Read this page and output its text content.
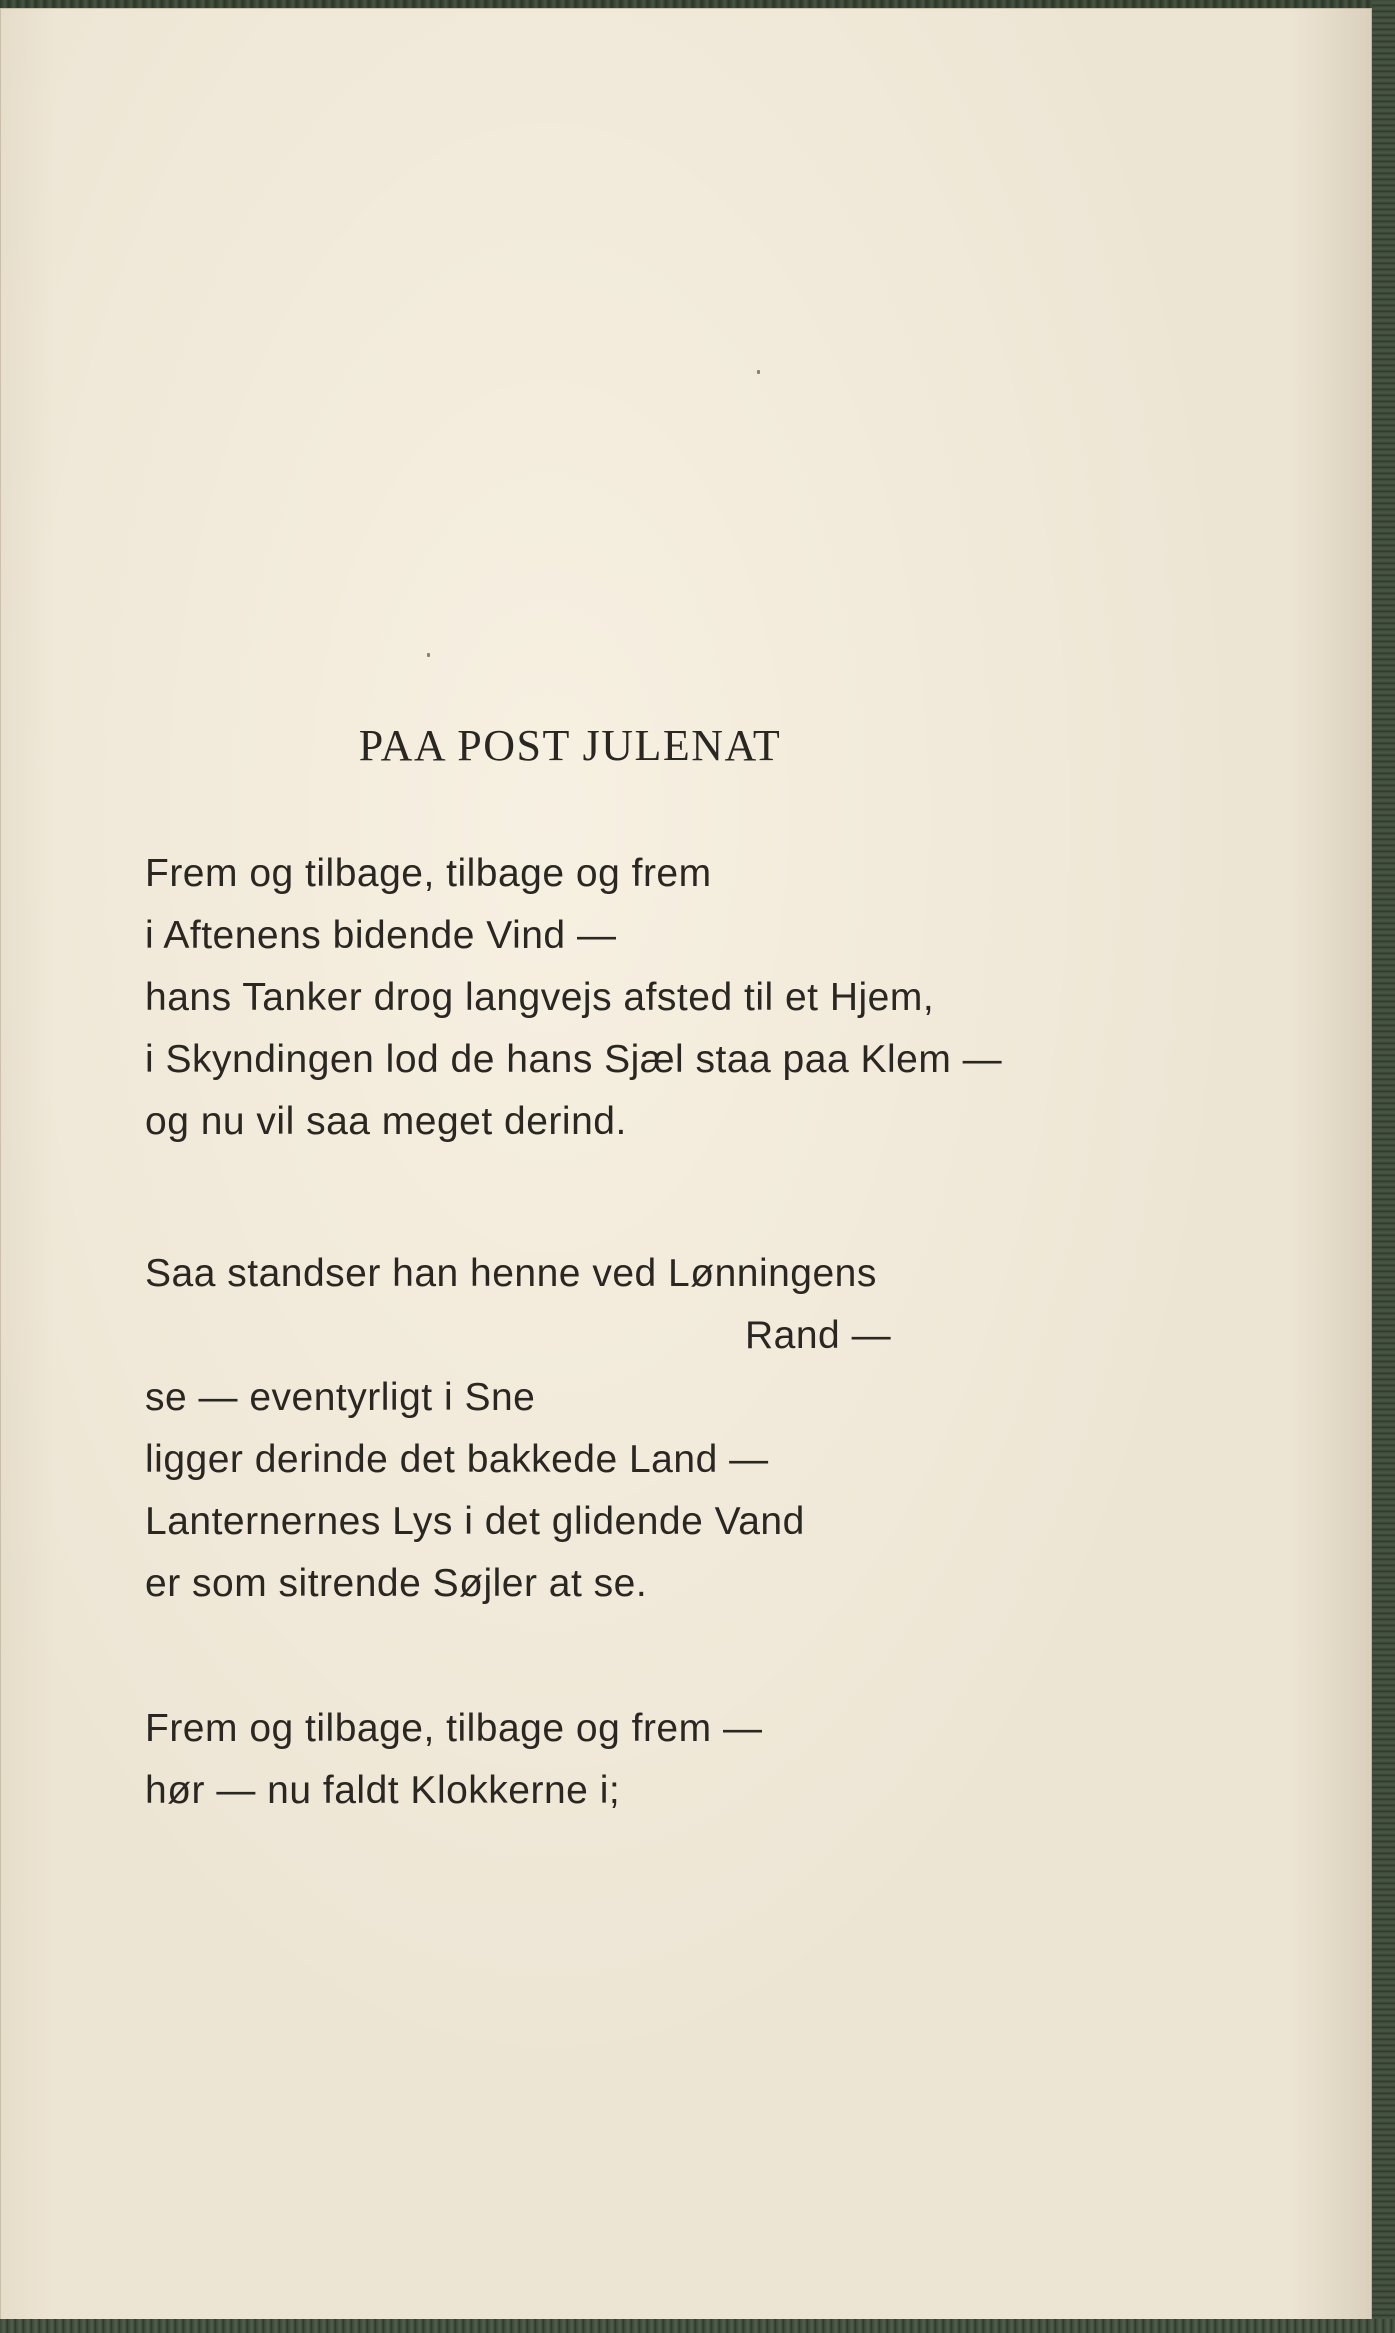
PAA POST JULENAT
Frem og tilbage, tilbage og frem
i Aftenens bidende Vind —
hans Tanker drog langvejs afsted til et Hjem,
i Skyndingen lod de hans Sjæl staa paa Klem —
og nu vil saa meget derind.
Saa standser han henne ved Lønningens
Rand —
se — eventyrligt i Sne
ligger derinde det bakkede Land —
Lanternernes Lys i det glidende Vand
er som sitrende Søjler at se.
Frem og tilbage, tilbage og frem —
hør — nu faldt Klokkerne i;
